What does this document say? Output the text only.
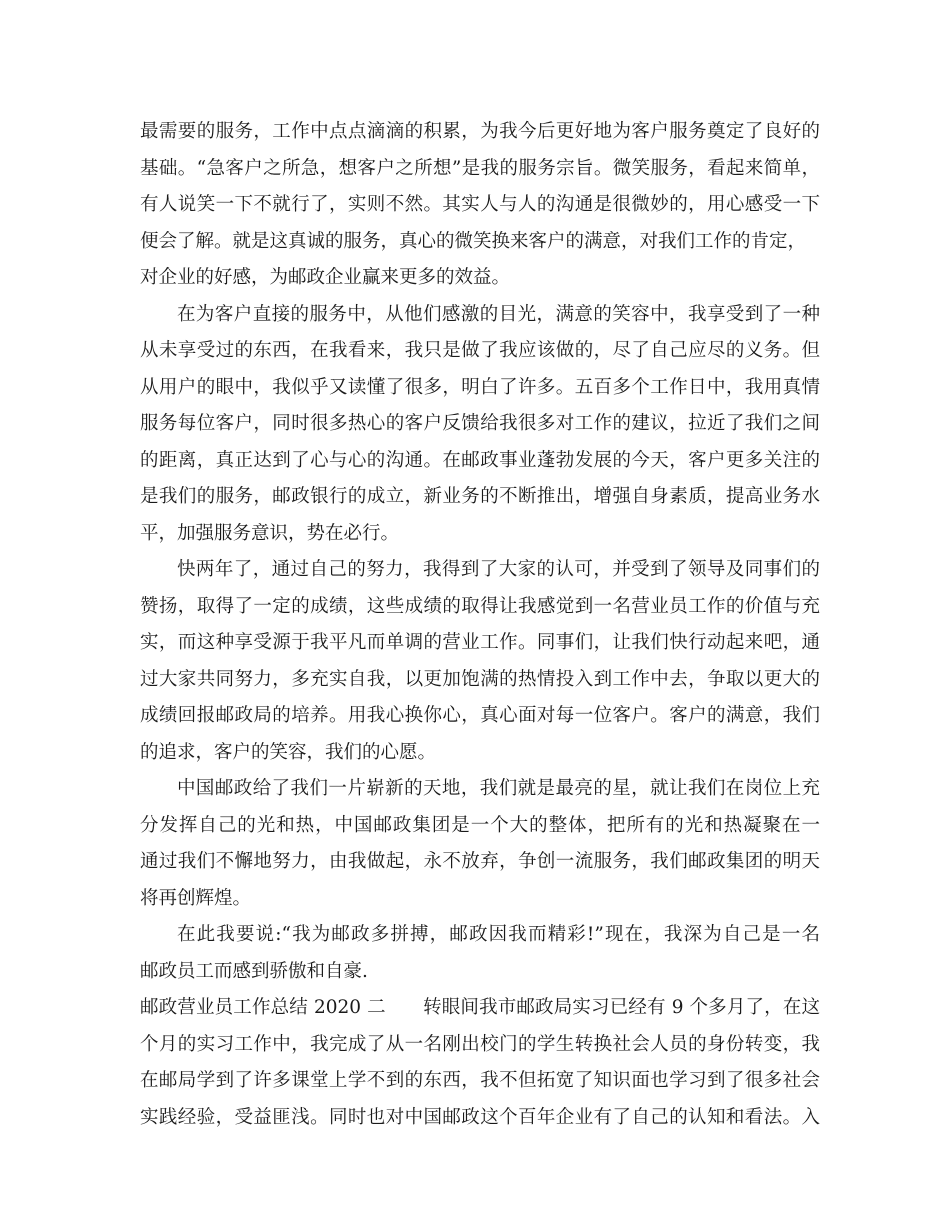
最需要的服务，工作中点点滴滴的积累，为我今后更好地为客户服务奠定了良好的
基础。“急客户之所急，想客户之所想”是我的服务宗旨。微笑服务，看起来简单，
有人说笑一下不就行了，实则不然。其实人与人的沟通是很微妙的，用心感受一下
便会了解。就是这真诚的服务，真心的微笑换来客户的满意，对我们工作的肯定，
对企业的好感，为邮政企业赢来更多的效益。
在为客户直接的服务中，从他们感激的目光，满意的笑容中，我享受到了一种
从未享受过的东西，在我看来，我只是做了我应该做的，尽了自己应尽的义务。但
从用户的眼中，我似乎又读懂了很多，明白了许多。五百多个工作日中，我用真情
服务每位客户，同时很多热心的客户反馈给我很多对工作的建议，拉近了我们之间
的距离，真正达到了心与心的沟通。在邮政事业蓬勃发展的今天，客户更多关注的
是我们的服务，邮政银行的成立，新业务的不断推出，增强自身素质，提高业务水
平，加强服务意识，势在必行。
快两年了，通过自己的努力，我得到了大家的认可，并受到了领导及同事们的
赞扬，取得了一定的成绩，这些成绩的取得让我感觉到一名营业员工作的价值与充
实，而这种享受源于我平凡而单调的营业工作。同事们，让我们快行动起来吧，通
过大家共同努力，多充实自我，以更加饱满的热情投入到工作中去，争取以更大的
成绩回报邮政局的培养。用我心换你心，真心面对每一位客户。客户的满意，我们
的追求，客户的笑容，我们的心愿。
中国邮政给了我们一片崭新的天地，我们就是最亮的星，就让我们在岗位上充
分发挥自己的光和热，中国邮政集团是一个大的整体，把所有的光和热凝聚在一
通过我们不懈地努力，由我做起，永不放弃，争创一流服务，我们邮政集团的明天
将再创辉煌。
在此我要说:“我为邮政多拼搏，邮政因我而精彩!”现在，我深为自己是一名
邮政员工而感到骄傲和自豪.
邮政营业员工作总结 2020 二　　转眼间我市邮政局实习已经有 9 个多月了，在这
个月的实习工作中，我完成了从一名刚出校门的学生转换社会人员的身份转变，我
在邮局学到了许多课堂上学不到的东西，我不但拓宽了知识面也学习到了很多社会
实践经验，受益匪浅。同时也对中国邮政这个百年企业有了自己的认知和看法。入
